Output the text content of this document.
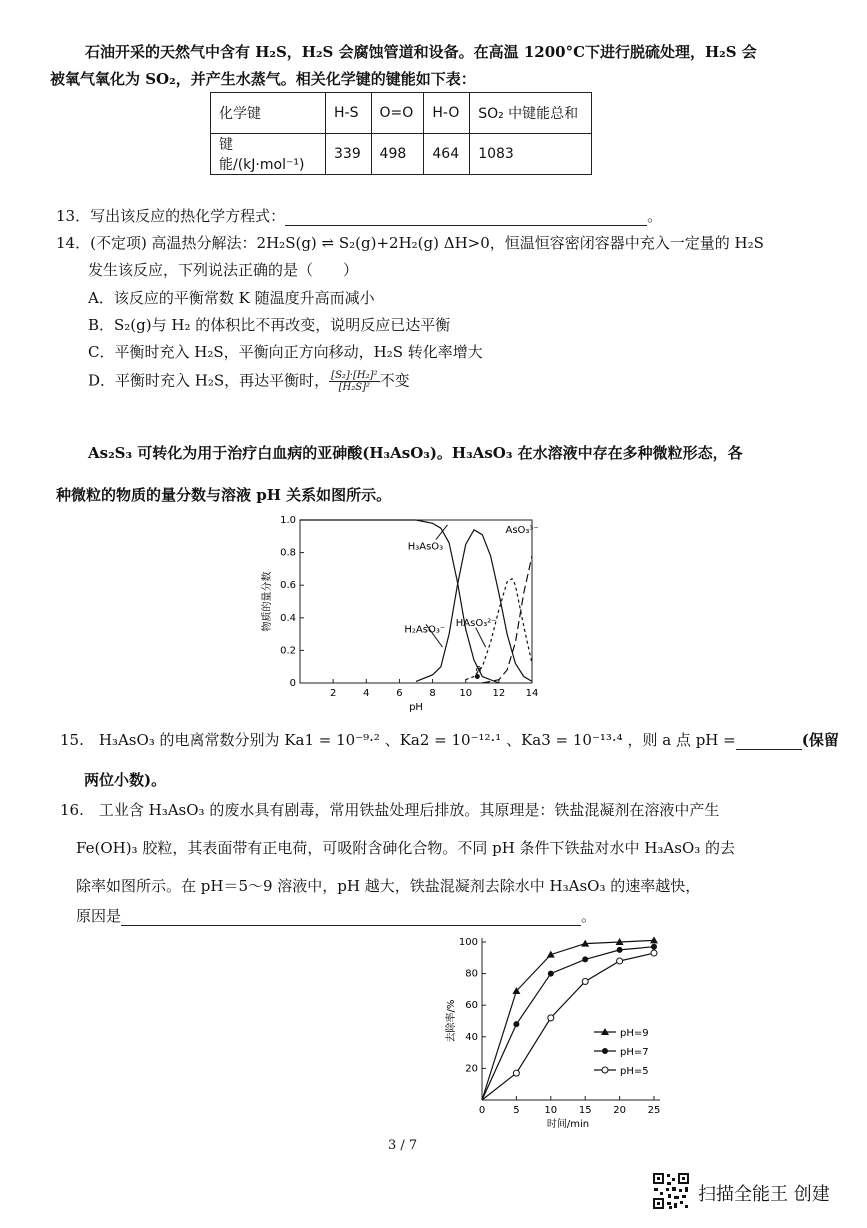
石油开采的天然气中含有 H₂S，H₂S 会腐蚀管道和设备。在高温 1200°C下进行脱硫处理，H₂S 会
被氧气氧化为 SO₂，并产生水蒸气。相关化学键的键能如下表：
化学键	H-S	O=O	H-O	SO₂ 中键能总和
键能/(kJ·mol⁻¹)	339	498	464	1083
13．写出该反应的热化学方程式：	。
14．(不定项) 高温热分解法：2H₂S(g) ⇌ S₂(g)+2H₂(g) ΔH>0，恒温恒容密闭容器中充入一定量的 H₂S
发生该反应，下列说法正确的是（　　）
A．该反应的平衡常数 K 随温度升高而减小
B．S₂(g)与 H₂ 的体积比不再改变，说明反应已达平衡
C．平衡时充入 H₂S，平衡向正方向移动，H₂S 转化率增大
D．平衡时充入 H₂S，再达平衡时， $\frac{\text{[S₂]·[H₂]²}}{\text{[H₂S]²}}$ 不变
As₂S₃ 可转化为用于治疗白血病的亚砷酸(H₃AsO₃)。H₃AsO₃ 在水溶液中存在多种微粒形态，各
种微粒的物质的量分数与溶液 pH 关系如图所示。
2	4	6	8 10 12 14
0
0.2
0.4
0.6
0.8
1.0
pH
物质的量分数
H₃AsO₃
H₂AsO₃⁻
HAsO₃²⁻
AsO₃³⁻
a
15.　H₃AsO₃ 的电离常数分别为 Ka1 = 10⁻⁹·² 、Ka2 = 10⁻¹²·¹ 、Ka3 = 10⁻¹³·⁴ ，则 a 点 pH =	(保留
两位小数)。
16.　工业含 H₃AsO₃ 的废水具有剧毒，常用铁盐处理后排放。其原理是：铁盐混凝剂在溶液中产生
Fe(OH)₃ 胶粒，其表面带有正电荷，可吸附含砷化合物。不同 pH 条件下铁盐对水中 H₃AsO₃ 的去
除率如图所示。在 pH＝5～9 溶液中，pH 越大，铁盐混凝剂去除水中 H₃AsO₃ 的速率越快，
原因是	。
0	5 10 15 20 25
20
40
60
80
100
时间/min
去除率/%	pH=9
pH=7
pH=5
3 / 7
扫描全能王 创建
